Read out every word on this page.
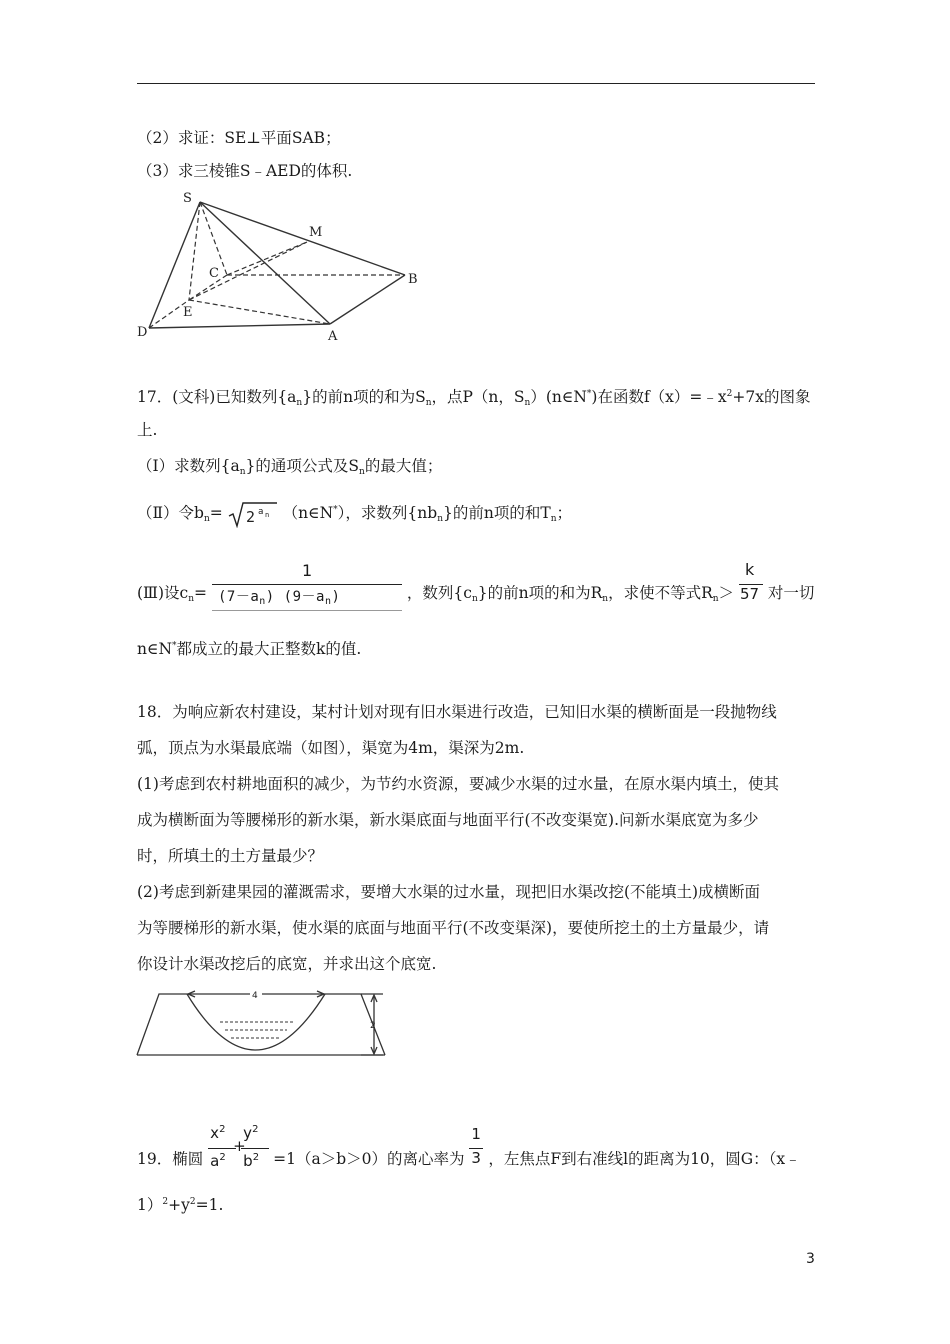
（2）求证：SE⊥平面SAB；
（3）求三棱锥S﹣AED的体积.
S
M
C	B
E
D	A
17．(文科)已知数列$\{a_n\}$的前n项的和为$S_n$，点P（n，$S_n)(n\in N^*)$在函数$f(x)=﹣x^2+7x$的图象
上.
（Ⅰ）求数列$\{a_n\}$的通项公式及$S_n$的最大值；
（Ⅱ）令$b_n= 2$ a n （n∈N*），求数列$\{nb_n\}$的前n项的和$T_n$；
(Ⅲ)设$c_n= \frac{1}{(7-a_n) (9-a_n)}$ ，数列$\{c_n\}$的前n项的和为$R_n$，求使不等式$R_n> \frac{k}{57}$ 对一切
n∈N*都成立的最大正整数k的值.
18．为响应新农村建设，某村计划对现有旧水渠进行改造，已知旧水渠的横断面是一段抛物线
弧，顶点为水渠最底端（如图），渠宽为4m，渠深为2m.
(1)考虑到农村耕地面积的减少，为节约水资源，要减少水渠的过水量，在原水渠内填土，使其
成为横断面为等腰梯形的新水渠，新水渠底面与地面平行(不改变渠宽).问新水渠底宽为多少
时，所填土的土方量最少？
(2)考虑到新建果园的灌溉需求，要增大水渠的过水量，现把旧水渠改挖(不能填土)成横断面
为等腰梯形的新水渠，使水渠的底面与地面平行(不改变渠深)，要使所挖土的土方量最少，请
你设计水渠改挖后的底宽，并求出这个底宽.
4
2
19．椭圆
$x^2$
$a^2$
+
$y^2$
$b^2 =1(a>b>0)$的离心率为 $\frac{1}{3}$ ，左焦点F到右准线l的距离为10，圆G：（x﹣
$1)^2+y^2=1$.
3
